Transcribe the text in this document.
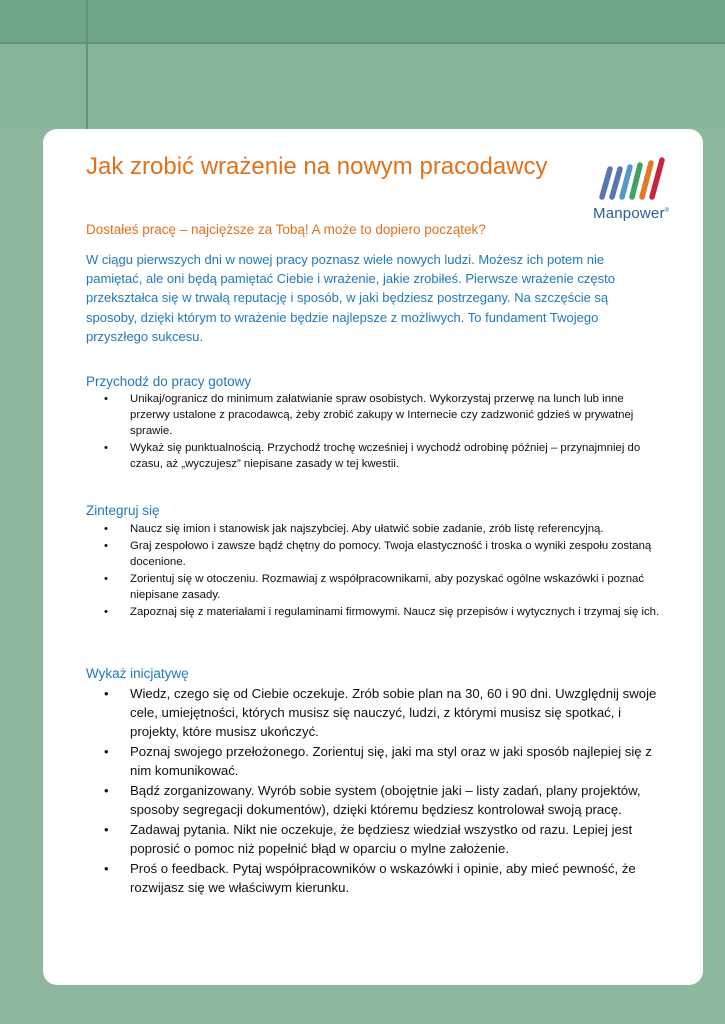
Manpower®
Jak zrobić wrażenie na nowym pracodawcy
Dostałeś pracę – najcięższe za Tobą! A może to dopiero początek?
W ciągu pierwszych dni w nowej pracy poznasz wiele nowych ludzi. Możesz ich potem nie pamiętać, ale oni będą pamiętać Ciebie i wrażenie, jakie zrobiłeś. Pierwsze wrażenie często przekształca się w trwałą reputację i sposób, w jaki będziesz postrzegany. Na szczęście są sposoby, dzięki którym to wrażenie będzie najlepsze z możliwych. To fundament Twojego przyszłego sukcesu.
Przychodź do pracy gotowy
• Unikaj/ogranicz do minimum załatwianie spraw osobistych. Wykorzystaj przerwę na lunch lub inne przerwy ustalone z pracodawcą, żeby zrobić zakupy w Internecie czy zadzwonić gdzieś w prywatnej sprawie.
• Wykaż się punktualnością. Przychodź trochę wcześniej i wychodź odrobinę później – przynajmniej do czasu, aż „wyczujesz” niepisane zasady w tej kwestii.
Zintegruj się
• Naucz się imion i stanowisk jak najszybciej. Aby ułatwić sobie zadanie, zrób listę referencyjną.
• Graj zespołowo i zawsze bądź chętny do pomocy. Twoja elastyczność i troska o wyniki zespołu zostaną docenione.
• Zorientuj się w otoczeniu. Rozmawiaj z współpracownikami, aby pozyskać ogólne wskazówki i poznać niepisane zasady.
• Zapoznaj się z materiałami i regulaminami firmowymi. Naucz się przepisów i wytycznych i trzymaj się ich.
Wykaż inicjatywę
• Wiedz, czego się od Ciebie oczekuje. Zrób sobie plan na 30, 60 i 90 dni. Uwzględnij swoje cele, umiejętności, których musisz się nauczyć, ludzi, z którymi musisz się spotkać, i projekty, które musisz ukończyć.
• Poznaj swojego przełożonego. Zorientuj się, jaki ma styl oraz w jaki sposób najlepiej się z nim komunikować.
• Bądź zorganizowany. Wyrób sobie system (obojętnie jaki – listy zadań, plany projektów, sposoby segregacji dokumentów), dzięki któremu będziesz kontrolował swoją pracę.
• Zadawaj pytania. Nikt nie oczekuje, że będziesz wiedział wszystko od razu. Lepiej jest poprosić o pomoc niż popełnić błąd w oparciu o mylne założenie.
• Proś o feedback. Pytaj współpracowników o wskazówki i opinie, aby mieć pewność, że rozwijasz się we właściwym kierunku.
